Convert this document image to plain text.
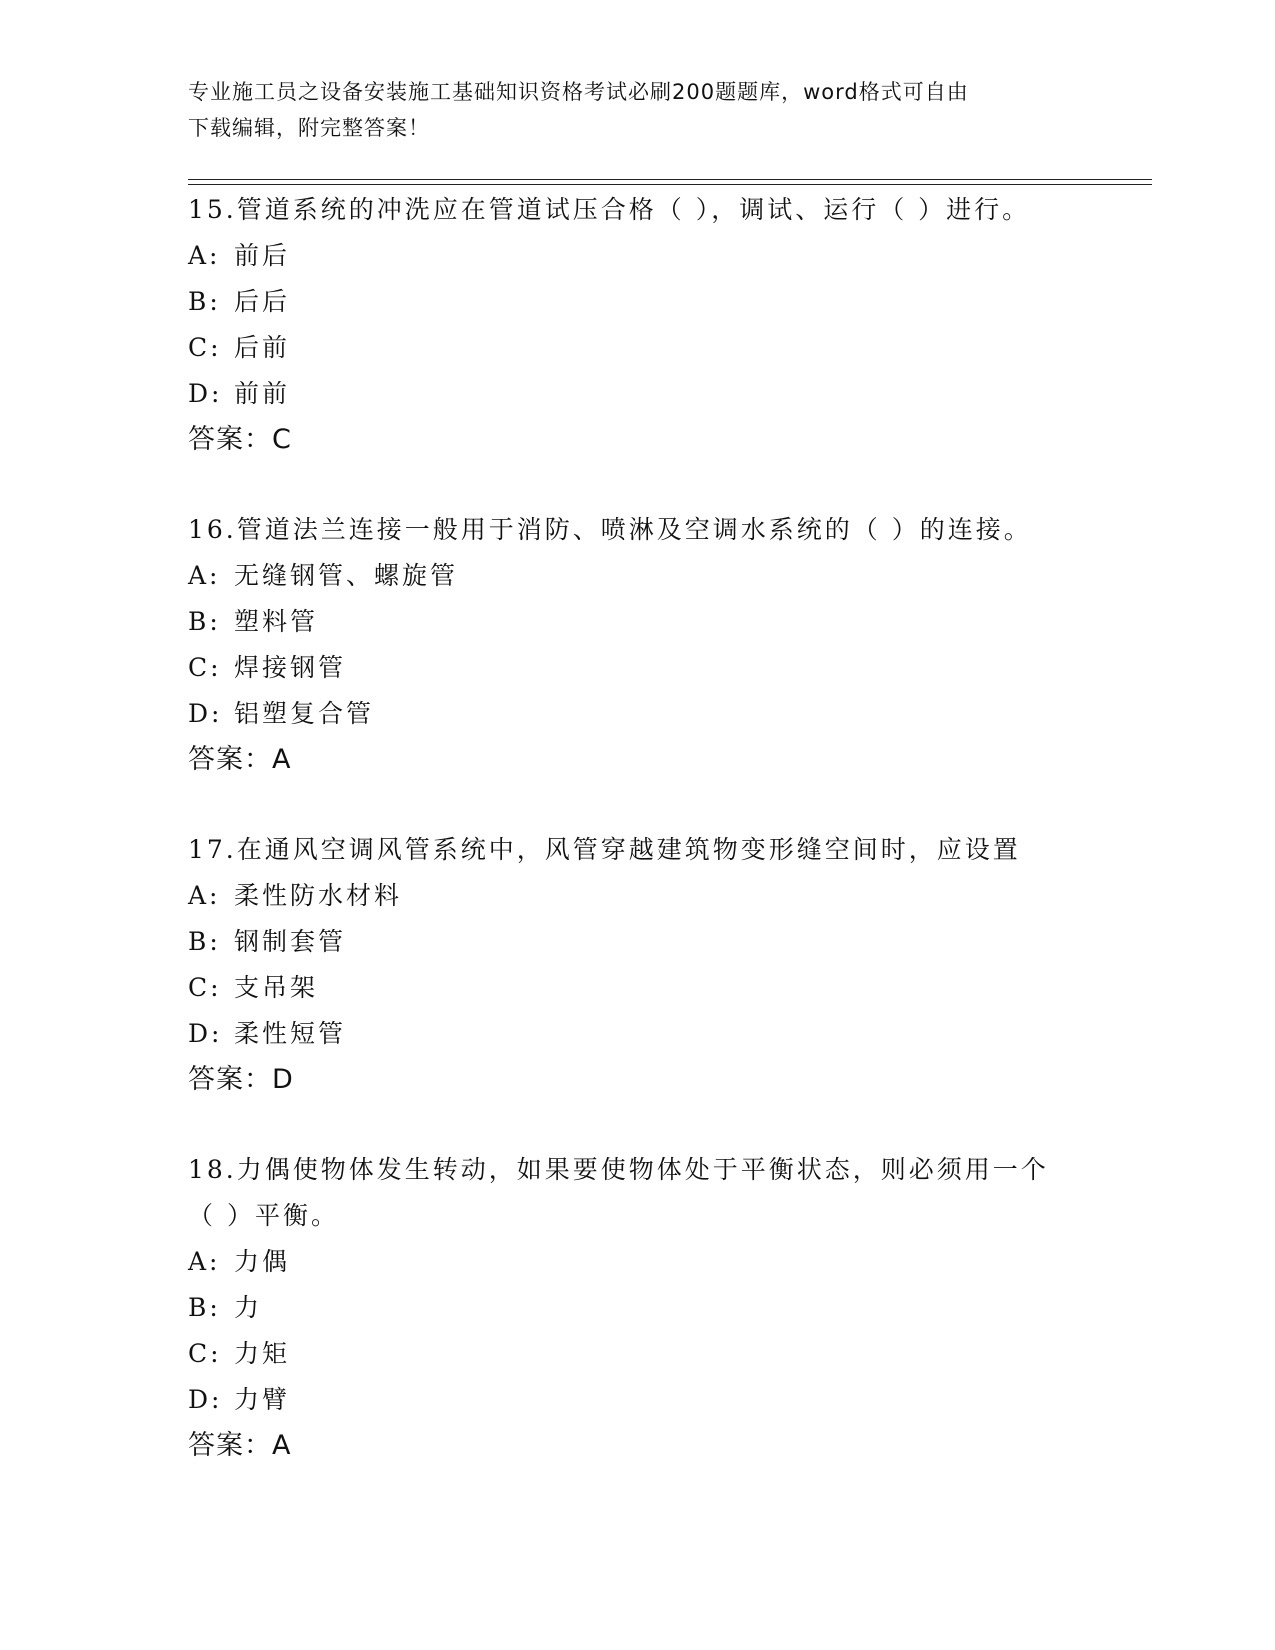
专业施工员之设备安装施工基础知识资格考试必刷200题题库，word格式可自由
下载编辑，附完整答案！
15.管道系统的冲洗应在管道试压合格（ ），调试、运行（ ）进行。
A: 前后
B: 后后
C: 后前
D: 前前
答案：C
16.管道法兰连接一般用于消防、喷淋及空调水系统的（ ）的连接。
A: 无缝钢管、螺旋管
B: 塑料管
C: 焊接钢管
D: 铝塑复合管
答案：A
17.在通风空调风管系统中，风管穿越建筑物变形缝空间时，应设置
A: 柔性防水材料
B: 钢制套管
C: 支吊架
D: 柔性短管
答案：D
18.力偶使物体发生转动，如果要使物体处于平衡状态，则必须用一个
（ ）平衡。
A: 力偶
B: 力
C: 力矩
D: 力臂
答案：A
